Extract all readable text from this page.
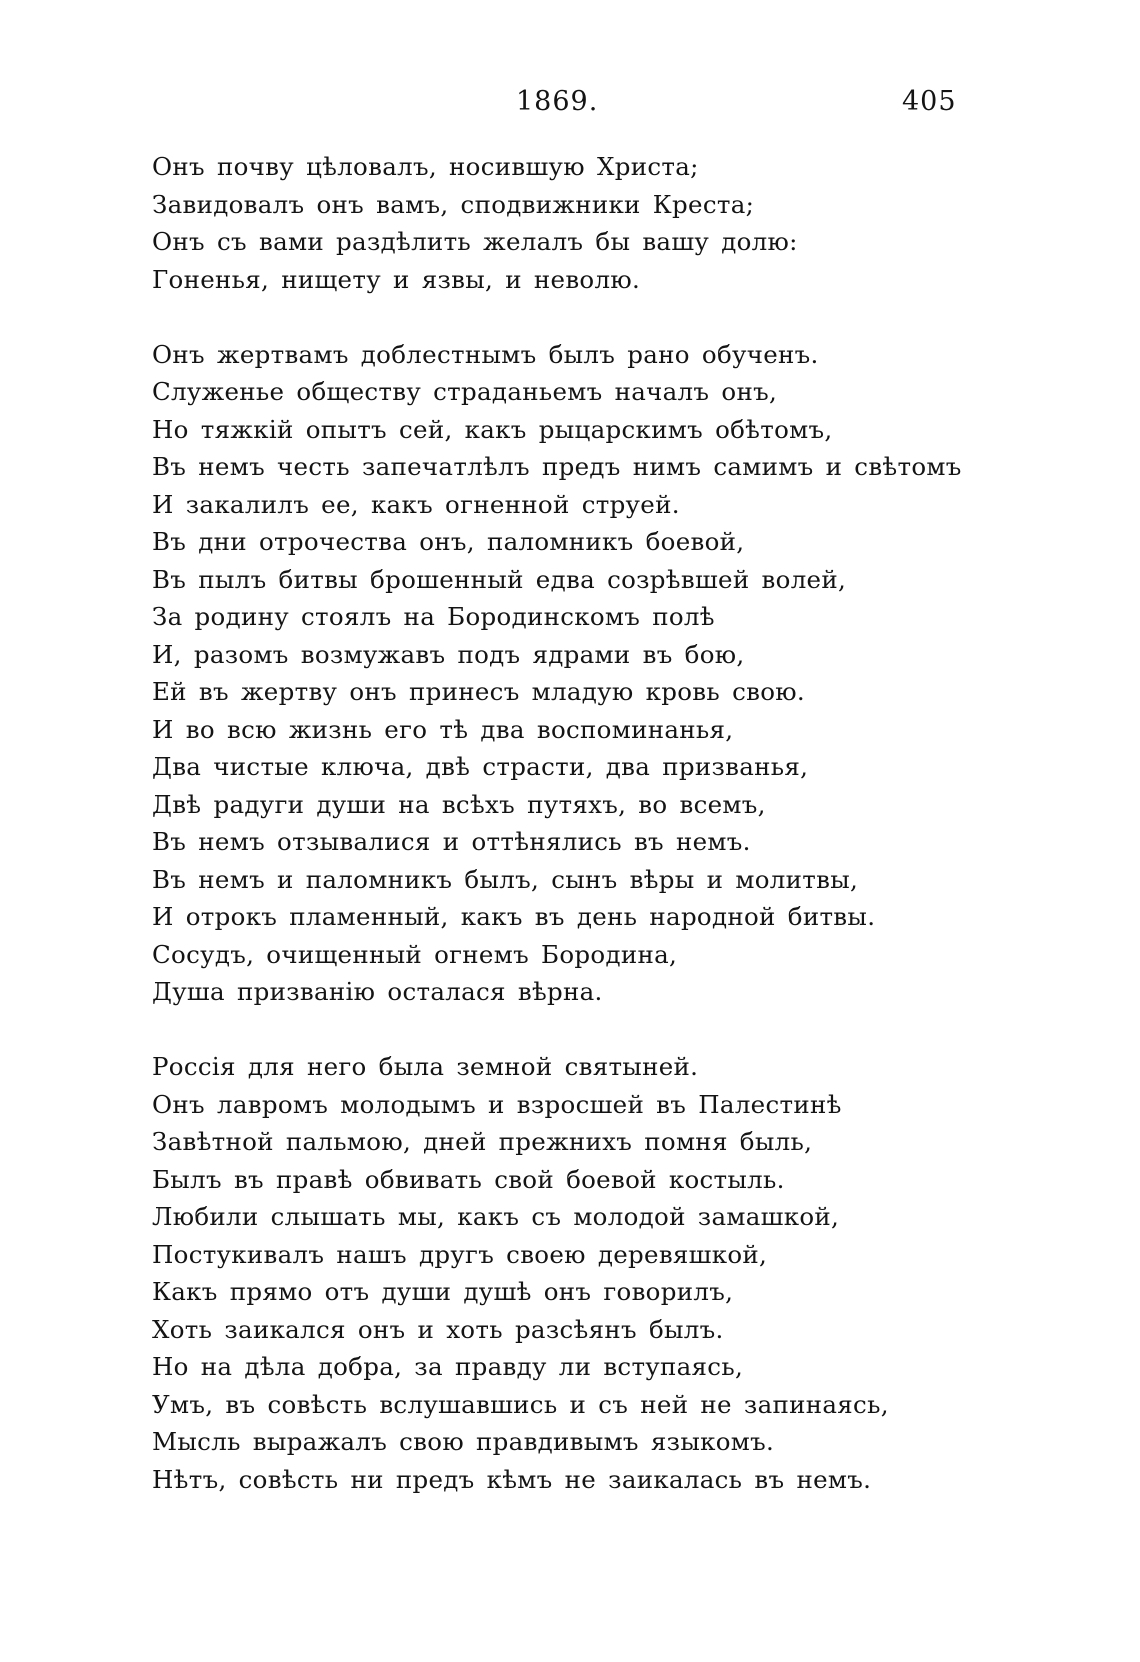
1869.	405
Онъ почву цѣловалъ, носившую Христа;
Завидовалъ онъ вамъ, сподвижники Креста;
Онъ съ вами раздѣлить желалъ бы вашу долю:
Гоненья, нищету и язвы, и неволю.
Онъ жертвамъ доблестнымъ былъ рано обученъ.
Служенье обществу страданьемъ началъ онъ,
Но тяжкій опытъ сей, какъ рыцарскимъ обѣтомъ,
Въ немъ честь запечатлѣлъ предъ нимъ самимъ и свѣтомъ
И закалилъ ее, какъ огненной струей.
Въ дни отрочества онъ, паломникъ боевой,
Въ пылъ битвы брошенный едва созрѣвшей волей,
За родину стоялъ на Бородинскомъ полѣ
И, разомъ возмужавъ подъ ядрами въ бою,
Ей въ жертву онъ принесъ младую кровь свою.
И во всю жизнь его тѣ два воспоминанья,
Два чистые ключа, двѣ страсти, два призванья,
Двѣ радуги души на всѣхъ путяхъ, во всемъ,
Въ немъ отзывалися и оттѣнялись въ немъ.
Въ немъ и паломникъ былъ, сынъ вѣры и молитвы,
И отрокъ пламенный, какъ въ день народной битвы.
Сосудъ, очищенный огнемъ Бородина,
Душа призванію осталася вѣрна.
Россія для него была земной святыней.
Онъ лавромъ молодымъ и взросшей въ Палестинѣ
Завѣтной пальмою, дней прежнихъ помня быль,
Былъ въ правѣ обвивать свой боевой костыль.
Любили слышать мы, какъ съ молодой замашкой,
Постукивалъ нашъ другъ своею деревяшкой,
Какъ прямо отъ души душѣ онъ говорилъ,
Хоть заикался онъ и хоть разсѣянъ былъ.
Но на дѣла добра, за правду ли вступаясь,
Умъ, въ совѣсть вслушавшись и съ ней не запинаясь,
Мысль выражалъ свою правдивымъ языкомъ.
Нѣтъ, совѣсть ни предъ кѣмъ не заикалась въ немъ.
